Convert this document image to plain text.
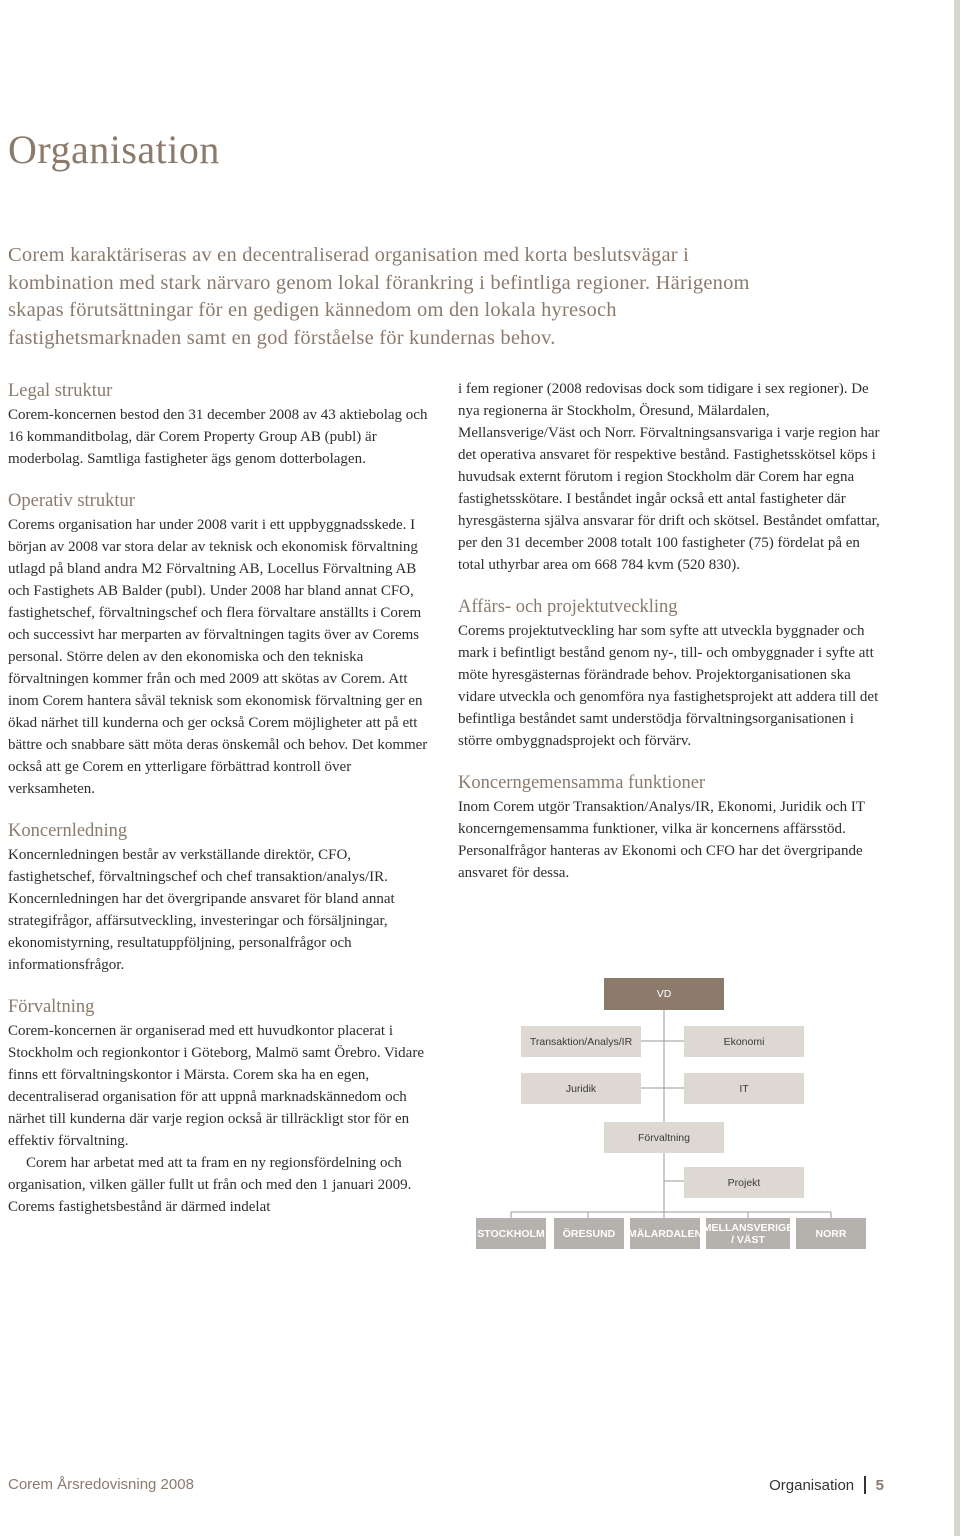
Organisation

Corem karaktäriseras av en decentraliserad organisation med korta beslutsvägar i kombination med stark närvaro genom lokal förankring i befintliga regioner. Härigenom skapas förutsättningar för en gedigen kännedom om den lokala hyresoch fastighetsmarknaden samt en god förståelse för kundernas behov.

Legal struktur

Corem-koncernen bestod den 31 december 2008 av 43 aktiebolag och 16 kommanditbolag, där Corem Property Group AB (publ) är moderbolag. Samtliga fastigheter ägs genom dotterbolagen.

Operativ struktur

Corems organisation har under 2008 varit i ett uppbyggnadsskede. I början av 2008 var stora delar av teknisk och ekonomisk förvaltning utlagd på bland andra M2 Förvaltning AB, Locellus Förvaltning AB och Fastighets AB Balder (publ). Under 2008 har bland annat CFO, fastighetschef, förvaltningschef och flera förvaltare anställts i Corem och successivt har merparten av förvaltningen tagits över av Corems personal. Större delen av den ekonomiska och den tekniska förvaltningen kommer från och med 2009 att skötas av Corem. Att inom Corem hantera såväl teknisk som ekonomisk förvaltning ger en ökad närhet till kunderna och ger också Corem möjligheter att på ett bättre och snabbare sätt möta deras önskemål och behov. Det kommer också att ge Corem en ytterligare förbättrad kontroll över verksamheten.

Koncernledning

Koncernledningen består av verkställande direktör, CFO, fastighetschef, förvaltningschef och chef transaktion/analys/IR. Koncernledningen har det övergripande ansvaret för bland annat strategifrågor, affärsutveckling, investeringar och försäljningar, ekonomistyrning, resultatuppföljning, personalfrågor och informationsfrågor.

Förvaltning

Corem-koncernen är organiserad med ett huvudkontor placerat i Stockholm och regionkontor i Göteborg, Malmö samt Örebro. Vidare finns ett förvaltningskontor i Märsta. Corem ska ha en egen, decentraliserad organisation för att uppnå marknadskännedom och närhet till kunderna där varje region också är tillräckligt stor för en effektiv förvaltning.

Corem har arbetat med att ta fram en ny regionsfördelning och organisation, vilken gäller fullt ut från och med den 1 januari 2009. Corems fastighetsbestånd är därmed indelat

i fem regioner (2008 redovisas dock som tidigare i sex regioner). De nya regionerna är Stockholm, Öresund, Mälardalen, Mellansverige/Väst och Norr. Förvaltningsansvariga i varje region har det operativa ansvaret för respektive bestånd. Fastighetsskötsel köps i huvudsak externt förutom i region Stockholm där Corem har egna fastighetsskötare. I beståndet ingår också ett antal fastigheter där hyresgästerna själva ansvarar för drift och skötsel. Beståndet omfattar, per den 31 december 2008 totalt 100 fastigheter (75) fördelat på en total uthyrbar area om 668 784 kvm (520 830).

Affärs- och projektutveckling

Corems projektutveckling har som syfte att utveckla byggnader och mark i befintligt bestånd genom ny-, till- och ombyggnader i syfte att möte hyresgästernas förändrade behov. Projektorganisationen ska vidare utveckla och genomföra nya fastighetsprojekt att addera till det befintliga beståndet samt understödja förvaltningsorganisationen i större ombyggnadsprojekt och förvärv.

Koncerngemensamma funktioner

Inom Corem utgör Transaktion/Analys/IR, Ekonomi, Juridik och IT koncerngemensamma funktioner, vilka är koncernens affärsstöd. Personalfrågor hanteras av Ekonomi och CFO har det övergripande ansvaret för dessa.

VD
Transaktion/Analys/IR	Ekonomi
Juridik	IT
Förvaltning
Projekt
STOCKHOLM	ÖRESUND	MÄLARDALEN MELLANSVERIGE / VÄST	NORR

Corem Årsredovisning 2008	Organisation 5
